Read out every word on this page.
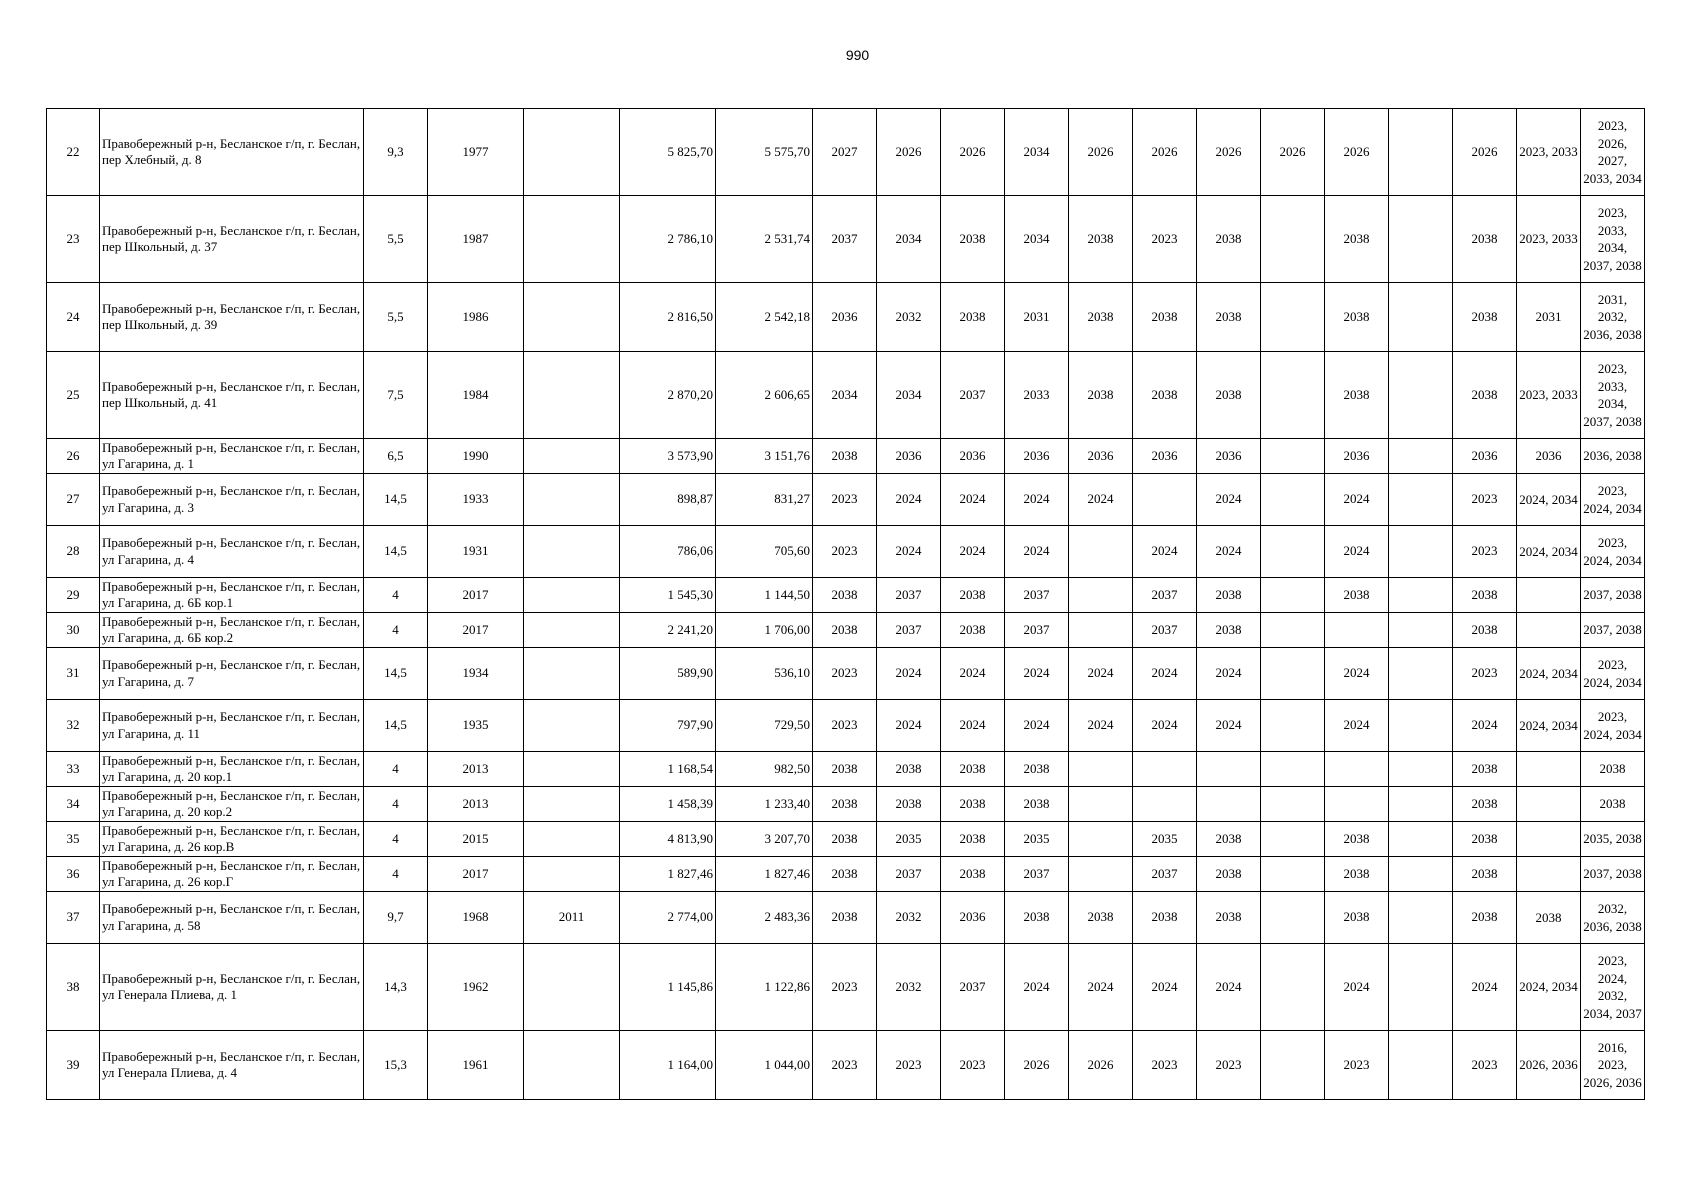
990
22	Правобережный р-н, Бесланское г/п, г. Беслан, пер Хлебный, д. 8	9,3	1977		5 825,70	5 575,70	2027	2026	2026	2034	2026	2026	2026	2026	2026		2026	2023, 2033	2023, 2026, 2027, 2033, 2034
23	Правобережный р-н, Бесланское г/п, г. Беслан, пер Школьный, д. 37	5,5	1987		2 786,10	2 531,74	2037	2034	2038	2034	2038	2023	2038		2038		2038	2023, 2033	2023, 2033, 2034, 2037, 2038
24	Правобережный р-н, Бесланское г/п, г. Беслан, пер Школьный, д. 39	5,5	1986		2 816,50	2 542,18	2036	2032	2038	2031	2038	2038	2038		2038		2038	2031	2031, 2032, 2036, 2038
25	Правобережный р-н, Бесланское г/п, г. Беслан, пер Школьный, д. 41	7,5	1984		2 870,20	2 606,65	2034	2034	2037	2033	2038	2038	2038		2038		2038	2023, 2033	2023, 2033, 2034, 2037, 2038
26	Правобережный р-н, Бесланское г/п, г. Беслан, ул Гагарина, д. 1	6,5	1990		3 573,90	3 151,76	2038	2036	2036	2036	2036	2036	2036		2036		2036	2036	2036, 2038
27	Правобережный р-н, Бесланское г/п, г. Беслан, ул Гагарина, д. 3	14,5	1933		898,87	831,27	2023	2024	2024	2024	2024		2024		2024		2023	2024, 2034	2023, 2024, 2034
28	Правобережный р-н, Бесланское г/п, г. Беслан, ул Гагарина, д. 4	14,5	1931		786,06	705,60	2023	2024	2024	2024		2024	2024		2024		2023	2024, 2034	2023, 2024, 2034
29	Правобережный р-н, Бесланское г/п, г. Беслан, ул Гагарина, д. 6Б кор.1	4	2017		1 545,30	1 144,50	2038	2037	2038	2037		2037	2038		2038		2038		2037, 2038
30	Правобережный р-н, Бесланское г/п, г. Беслан, ул Гагарина, д. 6Б кор.2	4	2017		2 241,20	1 706,00	2038	2037	2038	2037		2037	2038				2038		2037, 2038
31	Правобережный р-н, Бесланское г/п, г. Беслан, ул Гагарина, д. 7	14,5	1934		589,90	536,10	2023	2024	2024	2024	2024	2024	2024		2024		2023	2024, 2034	2023, 2024, 2034
32	Правобережный р-н, Бесланское г/п, г. Беслан, ул Гагарина, д. 11	14,5	1935		797,90	729,50	2023	2024	2024	2024	2024	2024	2024		2024		2024	2024, 2034	2023, 2024, 2034
33	Правобережный р-н, Бесланское г/п, г. Беслан, ул Гагарина, д. 20 кор.1	4	2013		1 168,54	982,50	2038	2038	2038	2038							2038		2038
34	Правобережный р-н, Бесланское г/п, г. Беслан, ул Гагарина, д. 20 кор.2	4	2013		1 458,39	1 233,40	2038	2038	2038	2038							2038		2038
35	Правобережный р-н, Бесланское г/п, г. Беслан, ул Гагарина, д. 26 кор.В	4	2015		4 813,90	3 207,70	2038	2035	2038	2035		2035	2038		2038		2038		2035, 2038
36	Правобережный р-н, Бесланское г/п, г. Беслан, ул Гагарина, д. 26 кор.Г	4	2017		1 827,46	1 827,46	2038	2037	2038	2037		2037	2038		2038		2038		2037, 2038
37	Правобережный р-н, Бесланское г/п, г. Беслан, ул Гагарина, д. 58	9,7	1968	2011	2 774,00	2 483,36	2038	2032	2036	2038	2038	2038	2038		2038		2038	2038	2032, 2036, 2038
38	Правобережный р-н, Бесланское г/п, г. Беслан, ул Генерала Плиева, д. 1	14,3	1962		1 145,86	1 122,86	2023	2032	2037	2024	2024	2024	2024		2024		2024	2024, 2034	2023, 2024, 2032, 2034, 2037
39	Правобережный р-н, Бесланское г/п, г. Беслан, ул Генерала Плиева, д. 4	15,3	1961		1 164,00	1 044,00	2023	2023	2023	2026	2026	2023	2023		2023		2023	2026, 2036	2016, 2023, 2026, 2036
